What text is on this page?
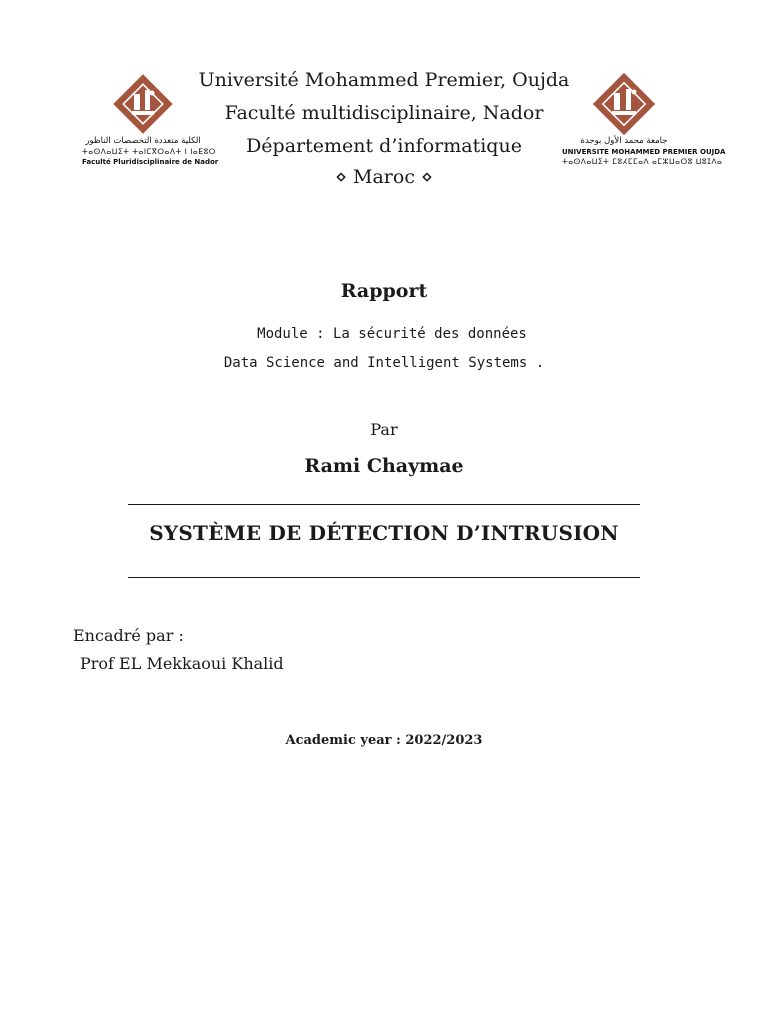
الكلية متعددة التخصصات الناظور
ⵜⴰⵙⴷⴰⵡⵉⵜ ⵜⴰⵏⵎⴳⵔⴰⴷⵜ ⵏ ⵏⴰⴹⵓⵔ
Faculté Pluridisciplinaire de Nador
جامعة محمد الأول بوجدة
UNIVERSITE MOHAMMED PREMIER OUJDA
ⵜⴰⵙⴷⴰⵡⵉⵜ ⵎⵓⵃⵎⵎⴰⴷ ⴰⵎⵣⵡⴰⵔⵓ ⵡⵓⵊⴷⴰ
Université Mohammed Premier, Oujda
Faculté multidisciplinaire, Nador
Département d’informatique
⋄ Maroc ⋄
Rapport
Module : La sécurité des données
Data Science and Intelligent Systems .
Par
Rami Chaymae
SYSTÈME DE DÉTECTION D’INTRUSION
Encadré par :
Prof EL Mekkaoui Khalid
Academic year : 2022/2023
